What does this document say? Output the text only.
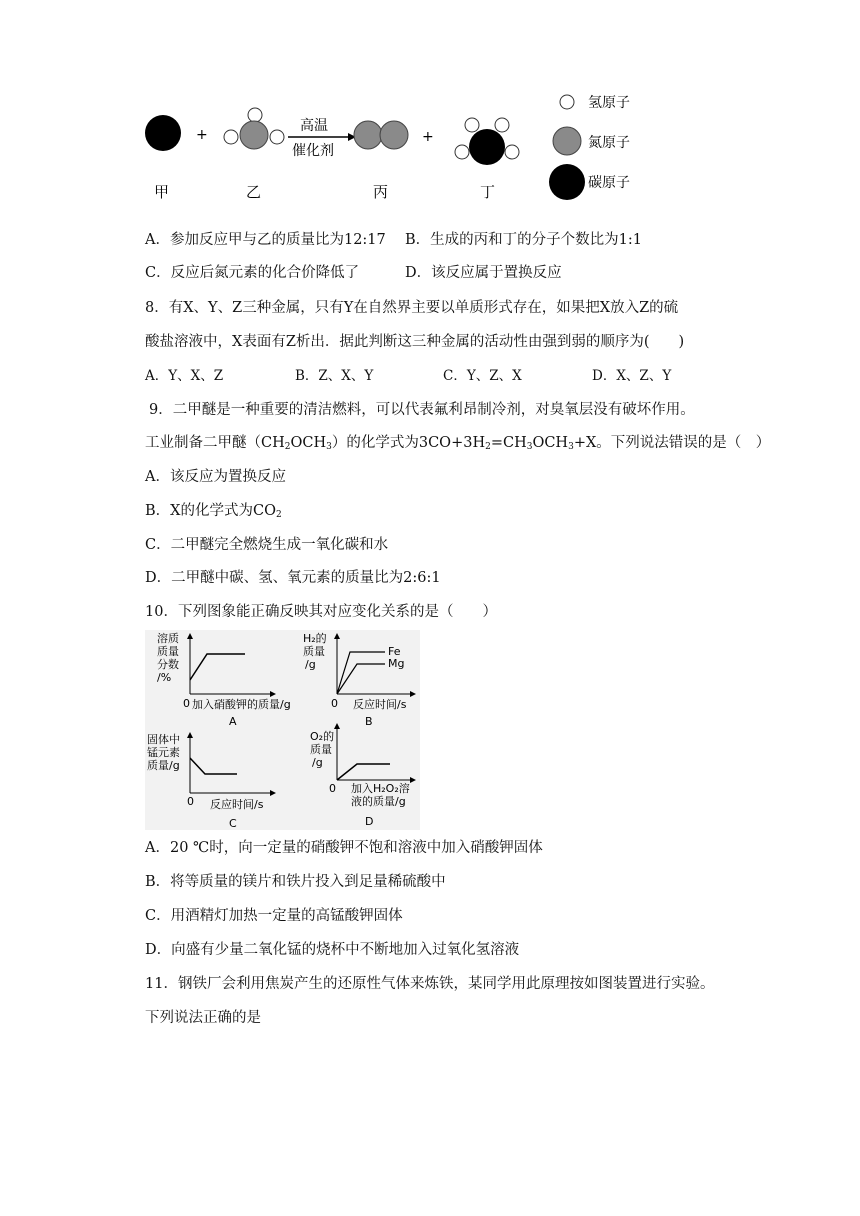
+
高温
催化剂
+
甲	乙	丙	丁
氢原子
氮原子
碳原子
A．参加反应甲与乙的质量比为12:17 B．生成的丙和丁的分子个数比为1:1
C．反应后氮元素的化合价降低了	D．该反应属于置换反应
8．有X、Y、Z三种金属，只有Y在自然界主要以单质形式存在，如果把X放入Z的硫
酸盐溶液中，X表面有Z析出．据此判断这三种金属的活动性由强到弱的顺序为(　　)
A．Y、X、Z	B．Z、X、Y	C．Y、Z、X	D．X、Z、Y
9．二甲醚是一种重要的清洁燃料，可以代表氟利昂制冷剂，对臭氧层没有破坏作用。
工业制备二甲醚$(CH_2OCH_3)$的化学式为$3CO+3H_2=CH_3OCH_3+X$。下列说法错误的是（　）
A．该反应为置换反应
B．X的化学式为$CO_2$
C．二甲醚完全燃烧生成一氧化碳和水
D．二甲醚中碳、氢、氧元素的质量比为2:6:1
10．下列图象能正确反映其对应变化关系的是（　　）
溶质
质量
分数
/%
0 加入硝酸钾的质量/g
A
H₂的
质量
/g
Fe
Mg
0 反应时间/s
B
固体中
锰元素
质量/g
0 反应时间/s
C
O₂的
质量
/g
0 加入H₂O₂溶
液的质量/g
D
A．20 ℃时，向一定量的硝酸钾不饱和溶液中加入硝酸钾固体
B．将等质量的镁片和铁片投入到足量稀硫酸中
C．用酒精灯加热一定量的高锰酸钾固体
D．向盛有少量二氧化锰的烧杯中不断地加入过氧化氢溶液
11．钢铁厂会利用焦炭产生的还原性气体来炼铁，某同学用此原理按如图装置进行实验。
下列说法正确的是
